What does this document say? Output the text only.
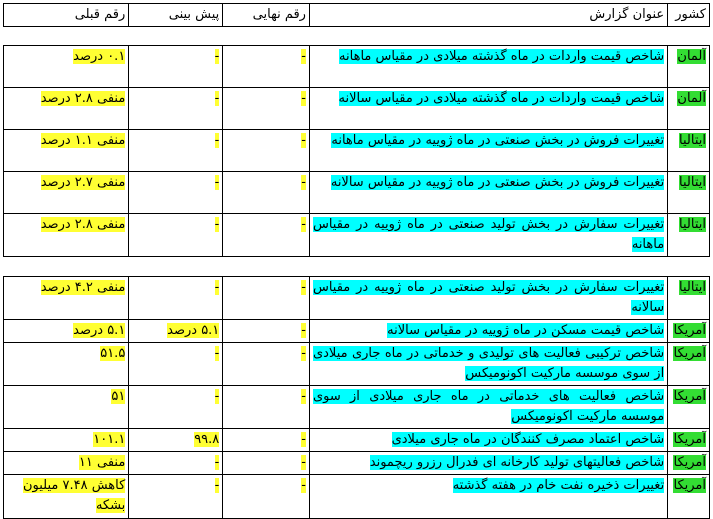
رقم قبلی	پیش بینی	رقم نهایی	عنوان گزارش	کشور
۰.۱ درصد	-	-	شاخص قیمت واردات در ماه گذشته میلادی در مقیاس ماهانه	آلمان
منفی ۲.۸ درصد	-	-	شاخص قیمت واردات در ماه گذشته میلادی در مقیاس سالانه	آلمان
منفی ۱.۱ درصد	-	-	تغییرات فروش در بخش صنعتی در ماه ژوییه در مقیاس ماهانه	ایتالیا
منفی ۲.۷ درصد	-	-	تغییرات فروش در بخش صنعتی در ماه ژوییه در مقیاس سالانه	ایتالیا
منفی ۲.۸ درصد	-	-	تغییرات سفارش در بخش تولید صنعتی در ماه ژوییه در مقیاس ماهانه	ایتالیا
منفی ۴.۲ درصد	-	-	تغییرات سفارش در بخش تولید صنعتی در ماه ژوییه در مقیاس سالانه	ایتالیا
۵.۱ درصد	۵.۱ درصد	-	شاخص قیمت مسکن در ماه ژوییه در مقیاس سالانه	آمریکا
۵۱.۵	-	-	شاخص ترکیبی فعالیت های تولیدی و خدماتی در ماه جاری میلادی از سوی موسسه مارکیت اکونومیکس	آمریکا
۵۱	-	-	شاخص فعالیت های خدماتی در ماه جاری میلادی از سوی موسسه مارکیت اکونومیکس	آمریکا
۱۰۱.۱	۹۹.۸	-	شاخص اعتماد مصرف کنندگان در ماه جاری میلادی	آمریکا
منفی ۱۱	-	-	شاخص فعالیتهای تولید کارخانه ای فدرال رزرو ریچموند	آمریکا
کاهش ۷.۴۸ میلیون بشکه	-	-	تغییرات ذخیره نفت خام در هفته گذشته	آمریکا
